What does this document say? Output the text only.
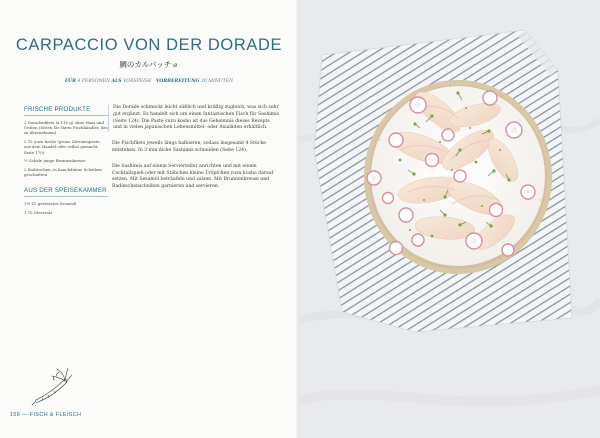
CARPACCIO VON DER DORADE
鯛のカルパッチョ
FÜR 4 PERSONEN ALS VORSPEISE VORBEREITUNG 20 MINUTEN
FRISCHE PRODUKTE
2 Doradenfilets (à 110 g) ohne Haut und Gräten (Sitten Sie Ihren Fischhändler, das zu übernehmen)
2 TL yuzu kosho (grüne Zitronenpaste, aus dem Handel oder selbst gemacht, Seite 170)
½ Schale junge Brunnenkresse
2 Radieschen, in hauchdünne Scheiben geschnitten
AUS DER SPEISEKAMMER
1½ TL geröstetes Sesamöl
1 TL Meersalz

Die Dorade schmeckt leicht süßlich und kräftig zugleich, was sich sehr gut ergänzt. Es handelt sich um einen fantastischen Fisch für Sashimis (Seite 124). Die Paste yuzu kosho ist das Geheimnis dieses Rezepts und in vielen japanischen Lebensmittel- oder Asialäden erhältlich.

Die Fischfilets jeweils längs halbieren, sodass insgesamt 4 Stücke entstehen. In 3 mm dicke Sashimis schneiden (Seite 124).

Die Sashimis auf einem Servierteller anrichten und mit einem Cocktailspieß oder mit Stäbchen kleine Tröpfchen yuzu kosho darauf setzen. Mit Sesamöl beträufeln und salzen. Mit Brunnenkresse und Radieschenscheiben garnieren und servieren.

156 — FISCH & FLEISCH
